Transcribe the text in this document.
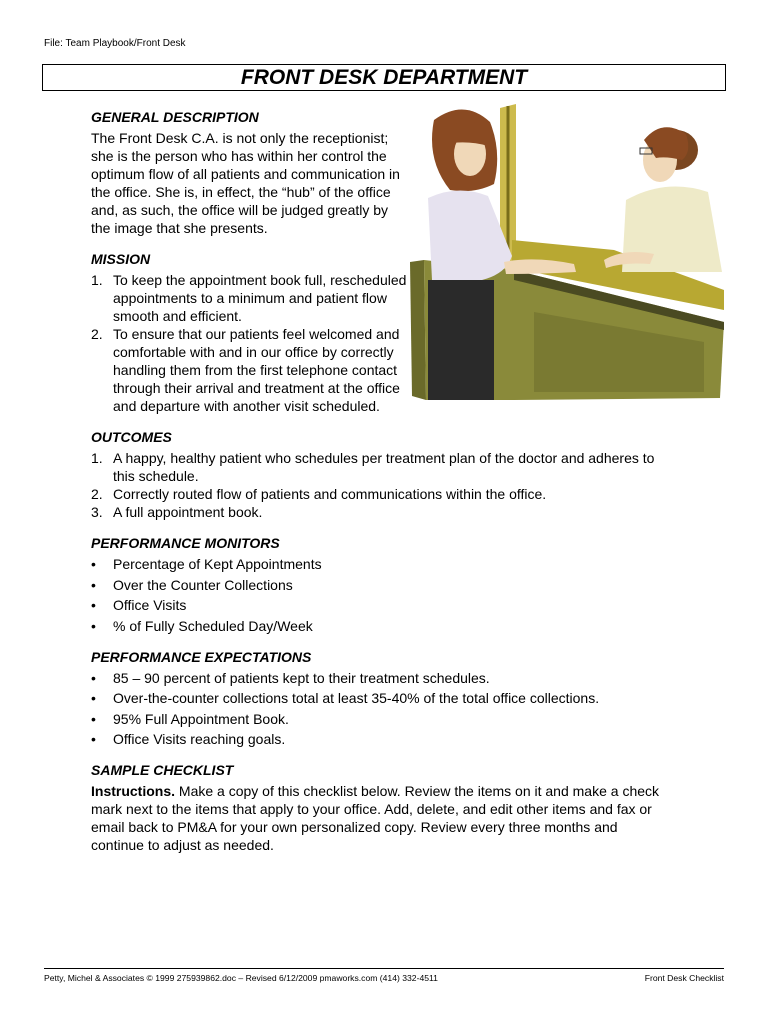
File: Team Playbook/Front Desk
FRONT DESK DEPARTMENT
GENERAL DESCRIPTION

The Front Desk C.A. is not only the receptionist; she is the person who has within her control the optimum flow of all patients and communication in the office. She is, in effect, the “hub” of the office and, as such, the office will be judged greatly by the image that she presents.

MISSION
1. To keep the appointment book full, rescheduled appointments to a minimum and patient flow smooth and efficient.
2. To ensure that our patients feel welcomed and comfortable with and in our office by correctly handling them from the first telephone contact through their arrival and treatment at the office and departure with another visit scheduled.
OUTCOMES
1. A happy, healthy patient who schedules per treatment plan of the doctor and adheres to this schedule.
2. Correctly routed flow of patients and communications within the office.
3. A full appointment book.
PERFORMANCE MONITORS
• Percentage of Kept Appointments
• Over the Counter Collections
• Office Visits
• % of Fully Scheduled Day/Week
PERFORMANCE EXPECTATIONS
• 85 – 90 percent of patients kept to their treatment schedules.
• Over-the-counter collections total at least 35-40% of the total office collections.
• 95% Full Appointment Book.
• Office Visits reaching goals.
SAMPLE CHECKLIST

Instructions. Make a copy of this checklist below. Review the items on it and make a check mark next to the items that apply to your office. Add, delete, and edit other items and fax or email back to PM&A for your own personalized copy. Review every three months and continue to adjust as needed.

Petty, Michel & Associates © 1999 275939862.doc – Revised 6/12/2009 pmaworks.com (414) 332-4511	Front Desk Checklist
